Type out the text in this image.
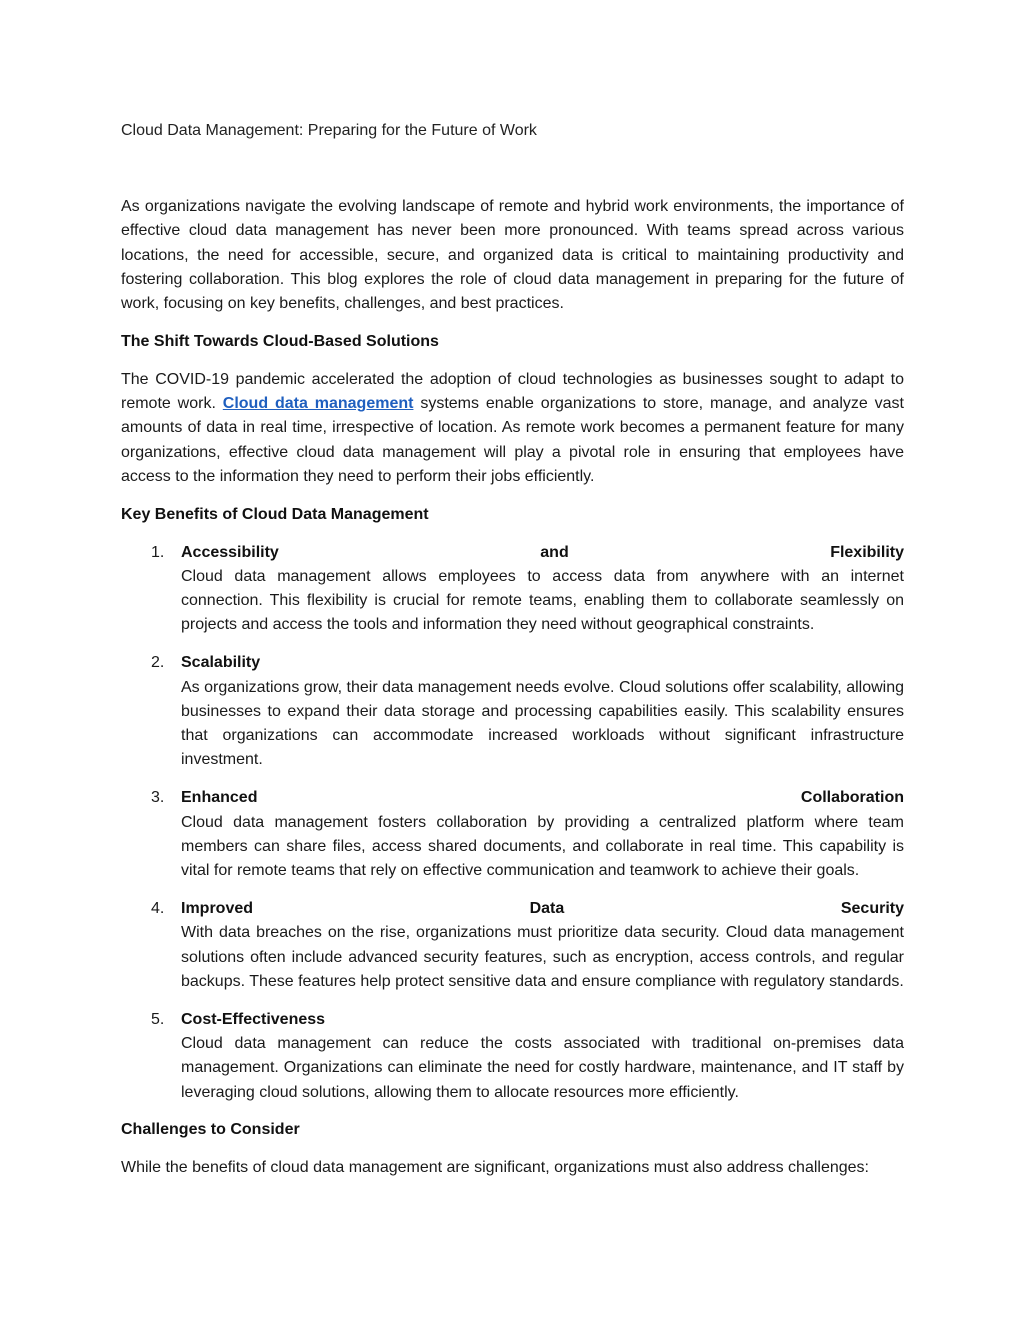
Cloud Data Management: Preparing for the Future of Work

As organizations navigate the evolving landscape of remote and hybrid work environments, the importance of effective cloud data management has never been more pronounced. With teams spread across various locations, the need for accessible, secure, and organized data is critical to maintaining productivity and fostering collaboration. This blog explores the role of cloud data management in preparing for the future of work, focusing on key benefits, challenges, and best practices.

The Shift Towards Cloud-Based Solutions

The COVID-19 pandemic accelerated the adoption of cloud technologies as businesses sought to adapt to remote work. Cloud data management systems enable organizations to store, manage, and analyze vast amounts of data in real time, irrespective of location. As remote work becomes a permanent feature for many organizations, effective cloud data management will play a pivotal role in ensuring that employees have access to the information they need to perform their jobs efficiently.

Key Benefits of Cloud Data Management
1. Accessibility	and	Flexibility
Cloud data management allows employees to access data from anywhere with an internet connection. This flexibility is crucial for remote teams, enabling them to collaborate seamlessly on projects and access the tools and information they need without geographical constraints.
2. Scalability
As organizations grow, their data management needs evolve. Cloud solutions offer scalability, allowing businesses to expand their data storage and processing capabilities easily. This scalability ensures that organizations can accommodate increased workloads without significant infrastructure investment.
3. Enhanced	Collaboration
Cloud data management fosters collaboration by providing a centralized platform where team members can share files, access shared documents, and collaborate in real time. This capability is vital for remote teams that rely on effective communication and teamwork to achieve their goals.
4. Improved	Data	Security
With data breaches on the rise, organizations must prioritize data security. Cloud data management solutions often include advanced security features, such as encryption, access controls, and regular backups. These features help protect sensitive data and ensure compliance with regulatory standards.
5. Cost-Effectiveness
Cloud data management can reduce the costs associated with traditional on-premises data management. Organizations can eliminate the need for costly hardware, maintenance, and IT staff by leveraging cloud solutions, allowing them to allocate resources more efficiently.
Challenges to Consider

While the benefits of cloud data management are significant, organizations must also address challenges:
